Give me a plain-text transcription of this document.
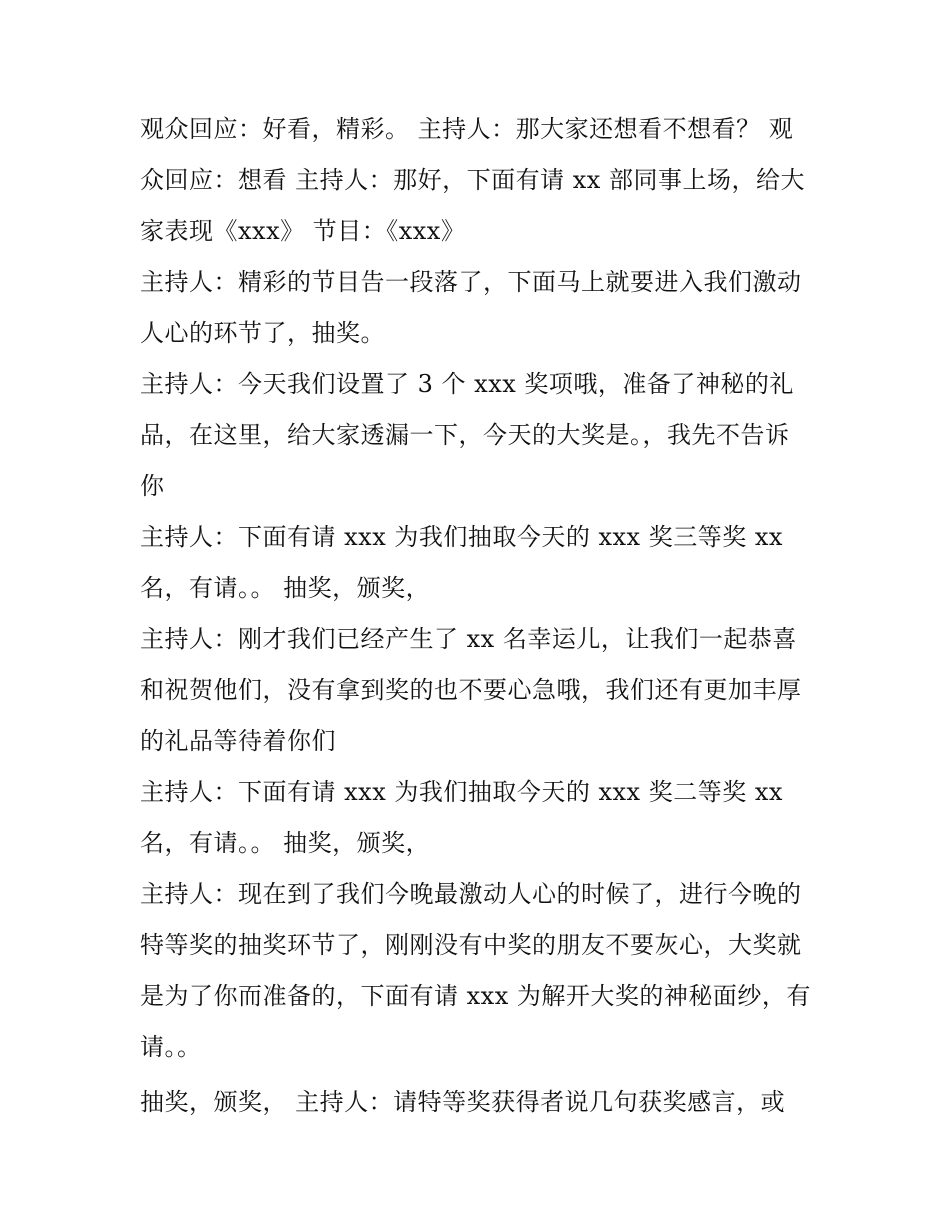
观众回应：好看，精彩。 主持人：那大家还想看不想看？ 观
众回应：想看 主持人：那好，下面有请 xx 部同事上场，给大
家表现《xxx》 节目：《xxx》
主持人：精彩的节目告一段落了，下面马上就要进入我们激动
人心的环节了，抽奖。
主持人：今天我们设置了 3 个 xxx 奖项哦，准备了神秘的礼
品，在这里，给大家透漏一下，今天的大奖是。，我先不告诉
你
主持人：下面有请 xxx 为我们抽取今天的 xxx 奖三等奖 xx
名，有请。。 抽奖，颁奖，
主持人：刚才我们已经产生了 xx 名幸运儿，让我们一起恭喜
和祝贺他们，没有拿到奖的也不要心急哦，我们还有更加丰厚
的礼品等待着你们
主持人：下面有请 xxx 为我们抽取今天的 xxx 奖二等奖 xx
名，有请。。 抽奖，颁奖，
主持人：现在到了我们今晚最激动人心的时候了，进行今晚的
特等奖的抽奖环节了，刚刚没有中奖的朋友不要灰心，大奖就
是为了你而准备的，下面有请 xxx 为解开大奖的神秘面纱，有
请。。
抽奖，颁奖， 主持人：请特等奖获得者说几句获奖感言，或
